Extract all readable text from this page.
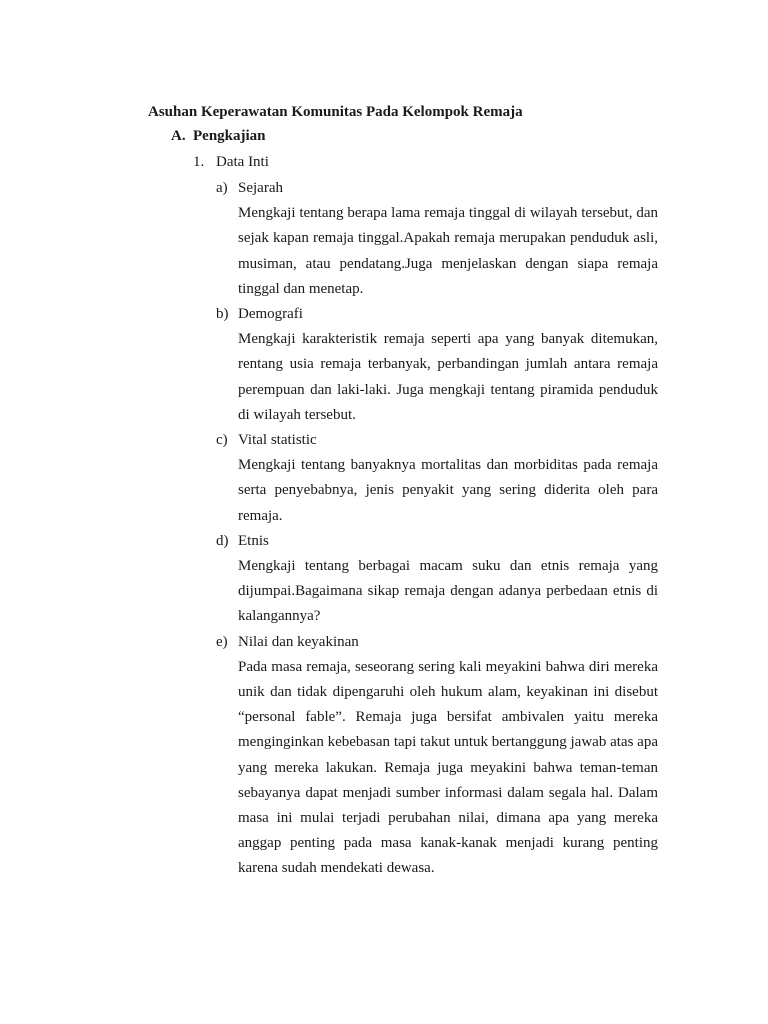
Asuhan Keperawatan Komunitas Pada Kelompok Remaja
A. Pengkajian
1. Data Inti
a) Sejarah
Mengkaji tentang berapa lama remaja tinggal di wilayah tersebut, dan sejak kapan remaja tinggal.Apakah remaja merupakan penduduk asli, musiman, atau pendatang.Juga menjelaskan dengan siapa remaja tinggal dan menetap.
b) Demografi
Mengkaji karakteristik remaja seperti apa yang banyak ditemukan, rentang usia remaja terbanyak, perbandingan jumlah antara remaja perempuan dan laki-laki. Juga mengkaji tentang piramida penduduk di wilayah tersebut.
c) Vital statistic
Mengkaji tentang banyaknya mortalitas dan morbiditas pada remaja serta penyebabnya, jenis penyakit yang sering diderita oleh para remaja.
d) Etnis
Mengkaji tentang berbagai macam suku dan etnis remaja yang dijumpai.Bagaimana sikap remaja dengan adanya perbedaan etnis di kalangannya?
e) Nilai dan keyakinan
Pada masa remaja, seseorang sering kali meyakini bahwa diri mereka unik dan tidak dipengaruhi oleh hukum alam, keyakinan ini disebut “personal fable”. Remaja juga bersifat ambivalen yaitu mereka menginginkan kebebasan tapi takut untuk bertanggung jawab atas apa yang mereka lakukan. Remaja juga meyakini bahwa teman-teman sebayanya dapat menjadi sumber informasi dalam segala hal. Dalam masa ini mulai terjadi perubahan nilai, dimana apa yang mereka anggap penting pada masa kanak-kanak menjadi kurang penting karena sudah mendekati dewasa.
